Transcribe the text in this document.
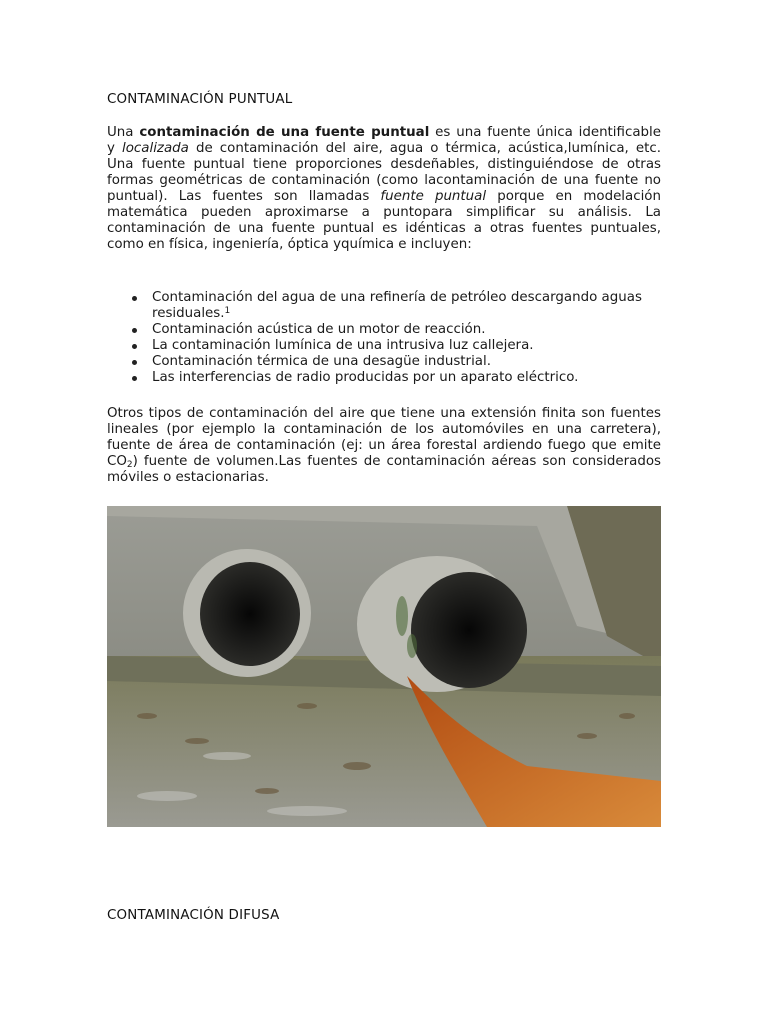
CONTAMINACIÓN PUNTUAL
Una contaminación de una fuente puntual es una fuente única identificable
y localizada de contaminación del aire, agua o térmica, acústica,lumínica, etc. Una fuente puntual tiene proporciones desdeñables, distinguiéndose de otras formas geométricas de contaminación (como lacontaminación de una fuente no puntual). Las fuentes son llamadas fuente puntual porque en modelación matemática pueden aproximarse a puntopara simplificar su análisis. La contaminación de una fuente puntual es idénticas a otras fuentes puntuales, como en física, ingeniería, óptica yquímica e incluyen:
Contaminación del agua de una refinería de petróleo descargando aguas residuales.$^1$
Contaminación acústica de un motor de reacción.
La contaminación lumínica de una intrusiva luz callejera.
Contaminación térmica de una desagüe industrial.
Las interferencias de radio producidas por un aparato eléctrico.
Otros tipos de contaminación del aire que tiene una extensión finita son fuentes lineales (por ejemplo la contaminación de los automóviles en una carretera), fuente de área de contaminación (ej: un área forestal ardiendo fuego que emite $CO_2$) fuente de volumen.Las fuentes de contaminación aéreas son considerados móviles o estacionarias.
CONTAMINACIÓN DIFUSA
